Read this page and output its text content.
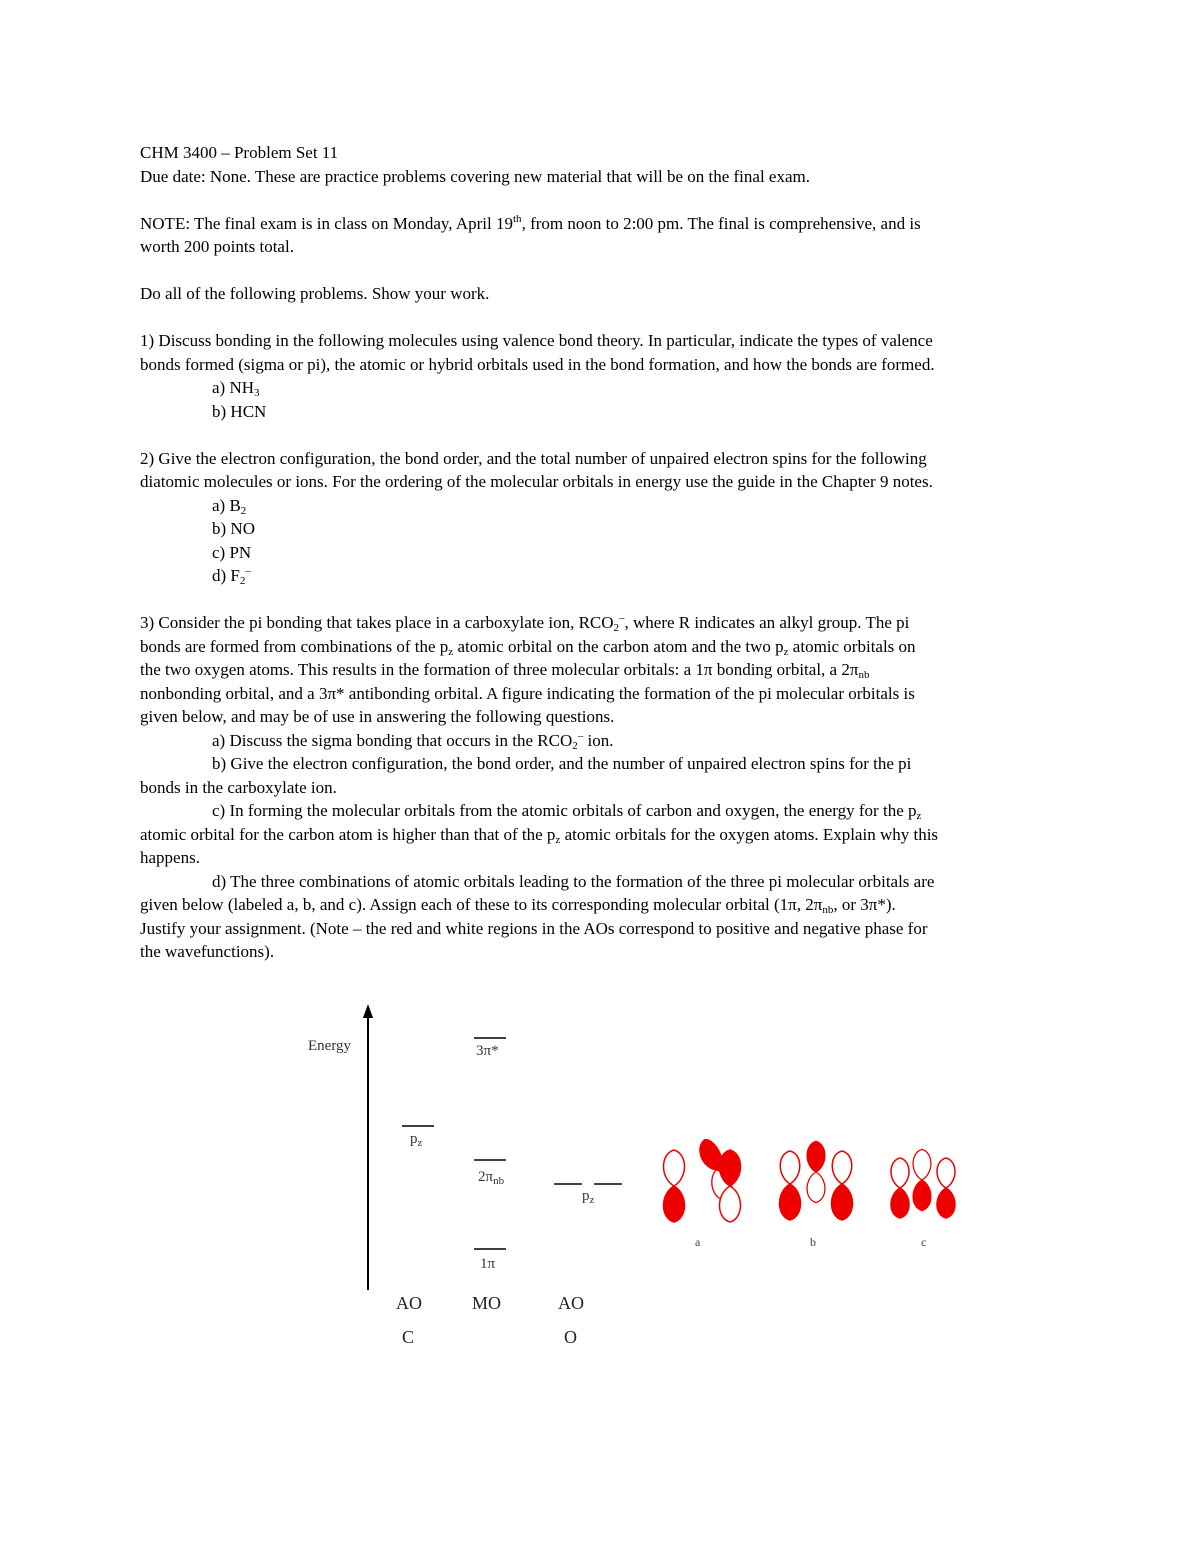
CHM 3400 – Problem Set 11
Due date: None. These are practice problems covering new material that will be on the final exam.
NOTE: The final exam is in class on Monday, April 19th, from noon to 2:00 pm. The final is comprehensive, and is
worth 200 points total.
Do all of the following problems. Show your work.
1) Discuss bonding in the following molecules using valence bond theory. In particular, indicate the types of valence
bonds formed (sigma or pi), the atomic or hybrid orbitals used in the bond formation, and how the bonds are formed.
a) $NH_3$
b) HCN
2) Give the electron configuration, the bond order, and the total number of unpaired electron spins for the following
diatomic molecules or ions. For the ordering of the molecular orbitals in energy use the guide in the Chapter 9 notes.
a) $B_2$
b) NO
c) PN
d) $F_2^-$
3) Consider the pi bonding that takes place in a carboxylate ion, $RCO_2^-$, where R indicates an alkyl group. The pi
bonds are formed from combinations of the $p_z$ atomic orbital on the carbon atom and the two $p_z$ atomic orbitals on
the two oxygen atoms. This results in the formation of three molecular orbitals: a 1π bonding orbital, a $2\pi_{nb}$
nonbonding orbital, and a 3π* antibonding orbital. A figure indicating the formation of the pi molecular orbitals is
given below, and may be of use in answering the following questions.
a) Discuss the sigma bonding that occurs in the $RCO_2^-$ ion.
b) Give the electron configuration, the bond order, and the number of unpaired electron spins for the pi
bonds in the carboxylate ion.
c) In forming the molecular orbitals from the atomic orbitals of carbon and oxygen, the energy for the $p_z$
atomic orbital for the carbon atom is higher than that of the $p_z$ atomic orbitals for the oxygen atoms. Explain why this
happens.
d) The three combinations of atomic orbitals leading to the formation of the three pi molecular orbitals are
given below (labeled a, b, and c). Assign each of these to its corresponding molecular orbital (1π, $2\pi_{nb}$, or 3π*).
Justify your assignment. (Note – the red and white regions in the AOs correspond to positive and negative phase for
the wavefunctions).
Energy	3π*
$p_z$
$2\pi_{nb}$
$p_z$
1π
a	b	c
AO	MO	AO
C	O
